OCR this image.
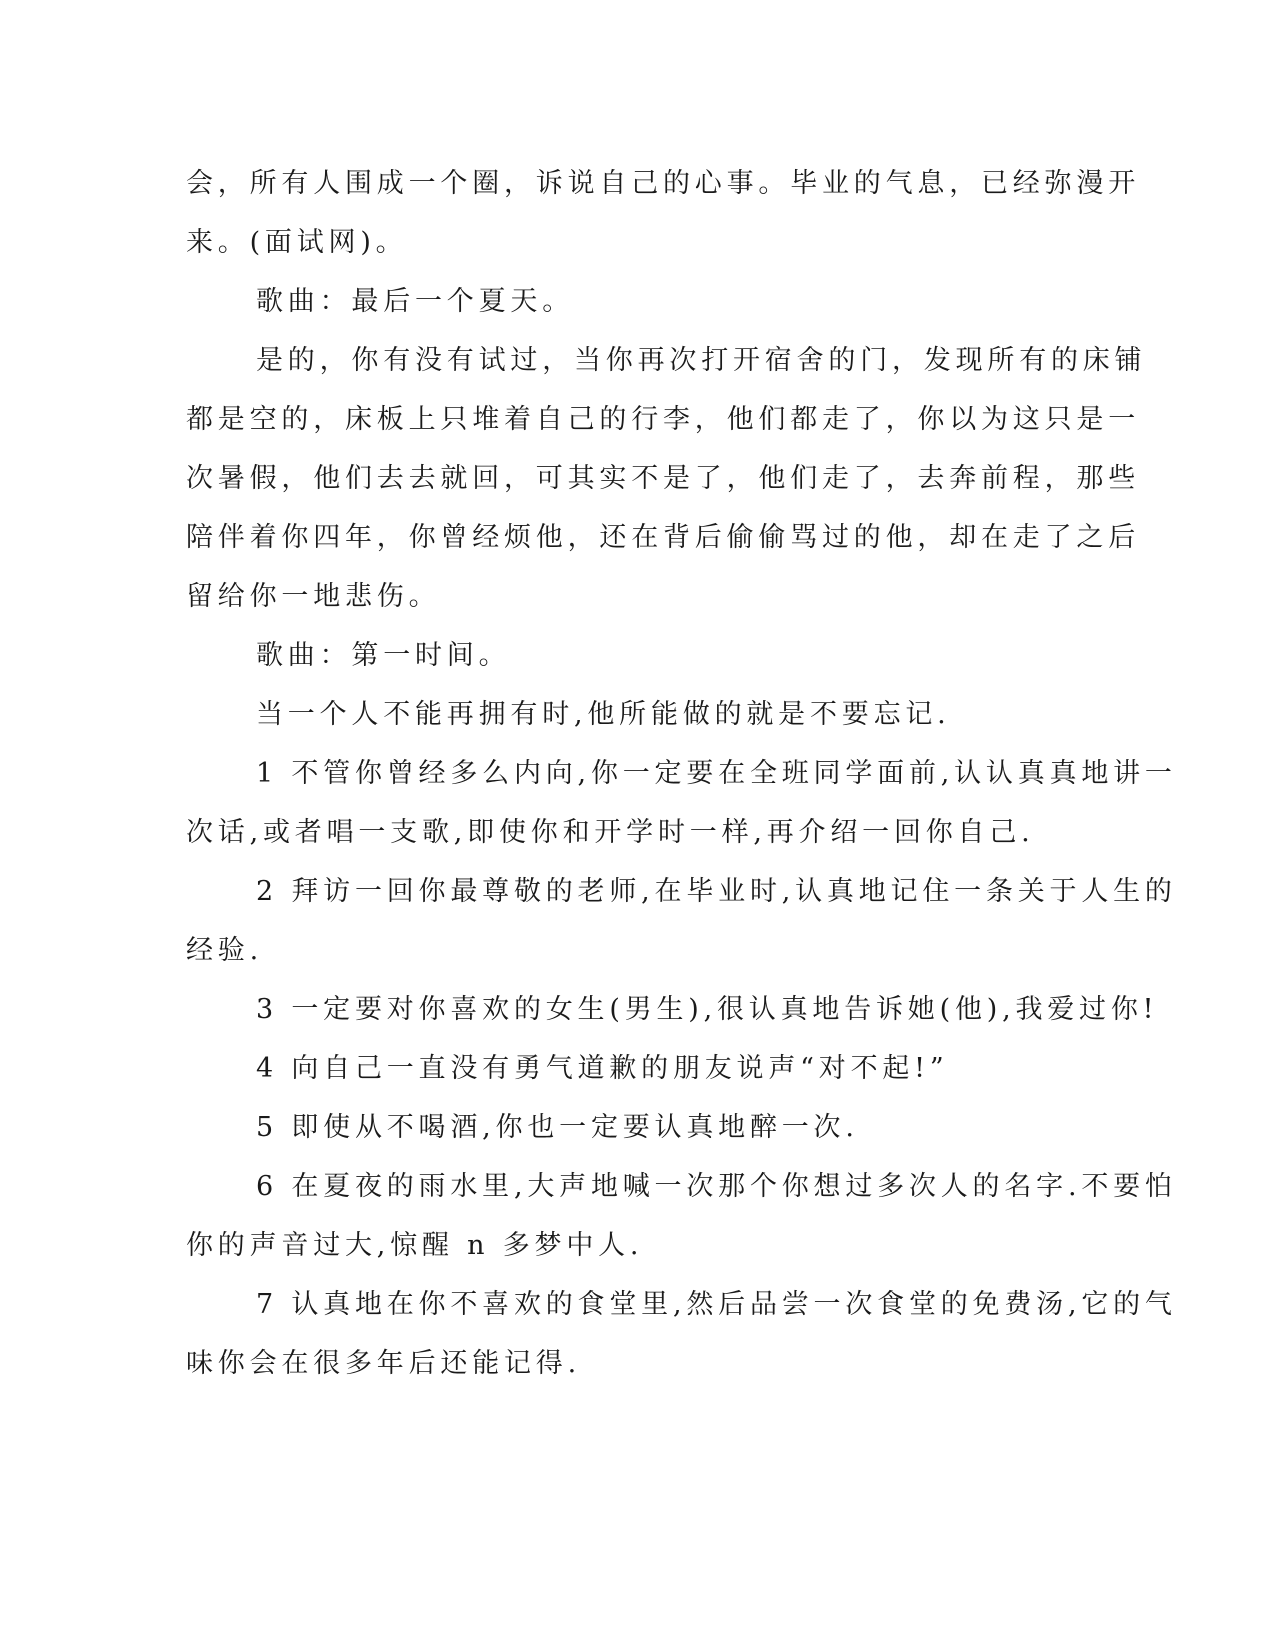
会，所有人围成一个圈，诉说自己的心事。毕业的气息，已经弥漫开
来。(面试网)。
歌曲：最后一个夏天。
是的，你有没有试过，当你再次打开宿舍的门，发现所有的床铺
都是空的，床板上只堆着自己的行李，他们都走了，你以为这只是一
次暑假，他们去去就回，可其实不是了，他们走了，去奔前程，那些
陪伴着你四年，你曾经烦他，还在背后偷偷骂过的他，却在走了之后
留给你一地悲伤。
歌曲：第一时间。
当一个人不能再拥有时,他所能做的就是不要忘记.
1 不管你曾经多么内向,你一定要在全班同学面前,认认真真地讲一
次话,或者唱一支歌,即使你和开学时一样,再介绍一回你自己.
2 拜访一回你最尊敬的老师,在毕业时,认真地记住一条关于人生的
经验.
3 一定要对你喜欢的女生(男生),很认真地告诉她(他),我爱过你!
4 向自己一直没有勇气道歉的朋友说声“对不起!”
5 即使从不喝酒,你也一定要认真地醉一次.
6 在夏夜的雨水里,大声地喊一次那个你想过多次人的名字.不要怕
你的声音过大,惊醒 n 多梦中人.
7 认真地在你不喜欢的食堂里,然后品尝一次食堂的免费汤,它的气
味你会在很多年后还能记得.
